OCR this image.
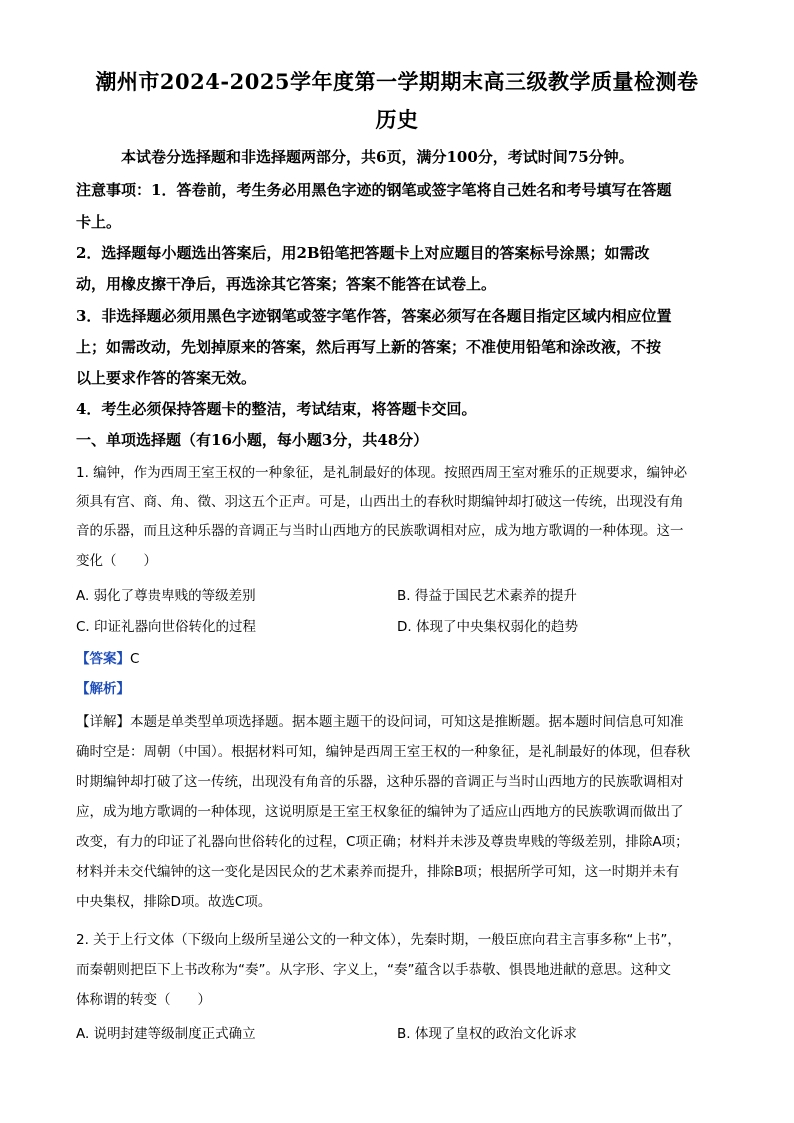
潮州市2024-2025学年度第一学期期末高三级教学质量检测卷
历史
本试卷分选择题和非选择题两部分，共6页，满分100分，考试时间75分钟。
注意事项：1．答卷前，考生务必用黑色字迹的钢笔或签字笔将自己姓名和考号填写在答题
卡上。
2．选择题每小题选出答案后，用2B铅笔把答题卡上对应题目的答案标号涂黑；如需改
动，用橡皮擦干净后，再选涂其它答案；答案不能答在试卷上。
3．非选择题必须用黑色字迹钢笔或签字笔作答，答案必须写在各题目指定区域内相应位置
上；如需改动，先划掉原来的答案，然后再写上新的答案；不准使用铅笔和涂改液，不按
以上要求作答的答案无效。
4．考生必须保持答题卡的整洁，考试结束，将答题卡交回。
一、单项选择题（有16小题，每小题3分，共48分）
1. 编钟，作为西周王室王权的一种象征，是礼制最好的体现。按照西周王室对雅乐的正规要求，编钟必
须具有宫、商、角、徵、羽这五个正声。可是，山西出土的春秋时期编钟却打破这一传统，出现没有角
音的乐器，而且这种乐器的音调正与当时山西地方的民族歌调相对应，成为地方歌调的一种体现。这一
变化（　　）
A. 弱化了尊贵卑贱的等级差别	B. 得益于国民艺术素养的提升
C. 印证礼器向世俗转化的过程	D. 体现了中央集权弱化的趋势
【答案】C
【解析】
【详解】本题是单类型单项选择题。据本题主题干的设问词，可知这是推断题。据本题时间信息可知准
确时空是：周朝（中国）。根据材料可知，编钟是西周王室王权的一种象征，是礼制最好的体现，但春秋
时期编钟却打破了这一传统，出现没有角音的乐器，这种乐器的音调正与当时山西地方的民族歌调相对
应，成为地方歌调的一种体现，这说明原是王室王权象征的编钟为了适应山西地方的民族歌调而做出了
改变，有力的印证了礼器向世俗转化的过程，C项正确；材料并未涉及尊贵卑贱的等级差别，排除A项；
材料并未交代编钟的这一变化是因民众的艺术素养而提升，排除B项；根据所学可知，这一时期并未有
中央集权，排除D项。故选C项。
2. 关于上行文体（下级向上级所呈递公文的一种文体），先秦时期，一般臣庶向君主言事多称“上书”，
而秦朝则把臣下上书改称为“奏”。从字形、字义上，“奏”蕴含以手恭敬、惧畏地进献的意思。这种文
体称谓的转变（　　）
A. 说明封建等级制度正式确立	B. 体现了皇权的政治文化诉求
